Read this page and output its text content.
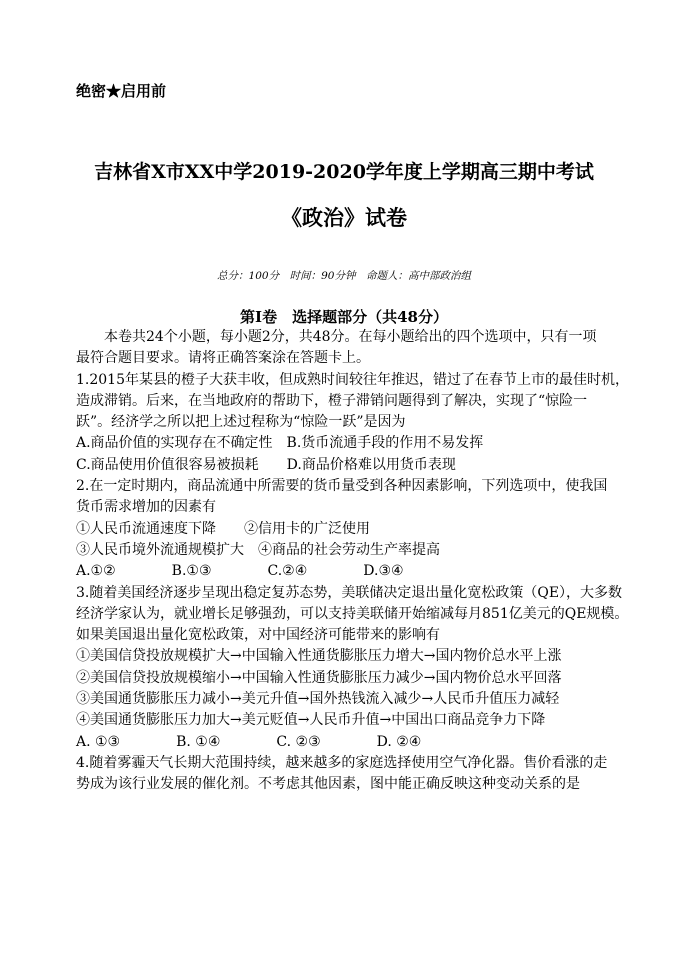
绝密★启用前
吉林省X市XX中学2019-2020学年度上学期高三期中考试
《政治》试卷
总分：100分　时间：90分钟　命题人：高中部政治组
第Ⅰ卷　选择题部分（共48分）
本卷共24个小题，每小题2分，共48分。在每小题给出的四个选项中，只有一项
最符合题目要求。请将正确答案涂在答题卡上。
1.2015年某县的橙子大获丰收，但成熟时间较往年推迟，错过了在春节上市的最佳时机，
造成滞销。后来，在当地政府的帮助下，橙子滞销问题得到了解决，实现了“惊险一
跃”。经济学之所以把上述过程称为“惊险一跃”是因为
A.商品价值的实现存在不确定性　B.货币流通手段的作用不易发挥
C.商品使用价值很容易被损耗　　D.商品价格难以用货币表现
2.在一定时期内，商品流通中所需要的货币量受到各种因素影响，下列选项中，使我国
货币需求增加的因素有
①人民币流通速度下降　　②信用卡的广泛使用
③人民币境外流通规模扩大　④商品的社会劳动生产率提高
A.①②　　　　B.①③　　　　C.②④　　　　D.③④
3.随着美国经济逐步呈现出稳定复苏态势，美联储决定退出量化宽松政策（QE），大多数
经济学家认为，就业增长足够强劲，可以支持美联储开始缩减每月851亿美元的QE规模。
如果美国退出量化宽松政策，对中国经济可能带来的影响有
①美国信贷投放规模扩大→中国输入性通货膨胀压力增大→国内物价总水平上涨
②美国信贷投放规模缩小→中国输入性通货膨胀压力减少→国内物价总水平回落
③美国通货膨胀压力减小→美元升值→国外热钱流入减少→人民币升值压力减轻
④美国通货膨胀压力加大→美元贬值→人民币升值→中国出口商品竞争力下降
A. ①③　　　　B. ①④　　　　C. ②③　　　　D. ②④
4.随着雾霾天气长期大范围持续，越来越多的家庭选择使用空气净化器。售价看涨的走
势成为该行业发展的催化剂。不考虑其他因素，图中能正确反映这种变动关系的是
